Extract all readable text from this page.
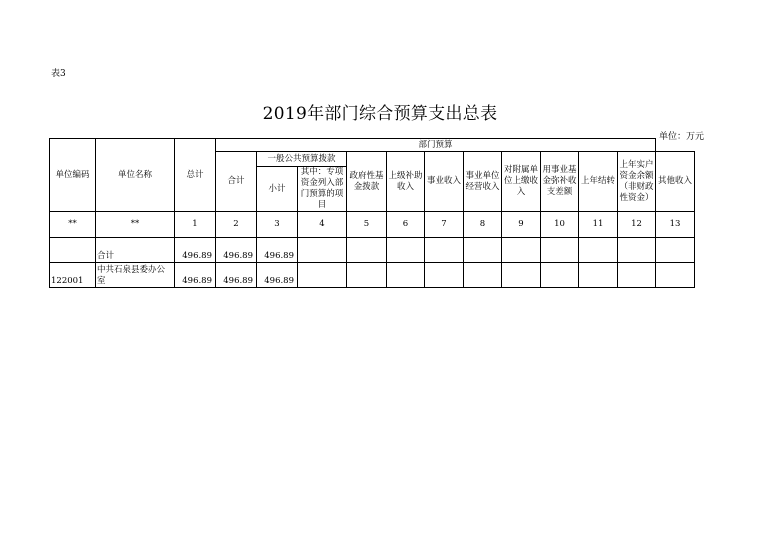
表3
2019年部门综合预算支出总表
单位：万元
单位编码	单位名称	总计	部门预算											
			合计	一般公共预算拨款		政府性基金拨款	上级补助收入	事业收入	事业单位经营收入	对附属单位上缴收入	用事业基金弥补收支差额	上年结转	上年实户资金余额（非财政性资金）	其他收入
				小计	其中：专项资金列入部门预算的项目									
**	**	1	2	3	4	5	6	7	8	9	10	11	12	13
	合计	496.89	496.89	496.89										
122001	中共石泉县委办公室	496.89	496.89	496.89										
